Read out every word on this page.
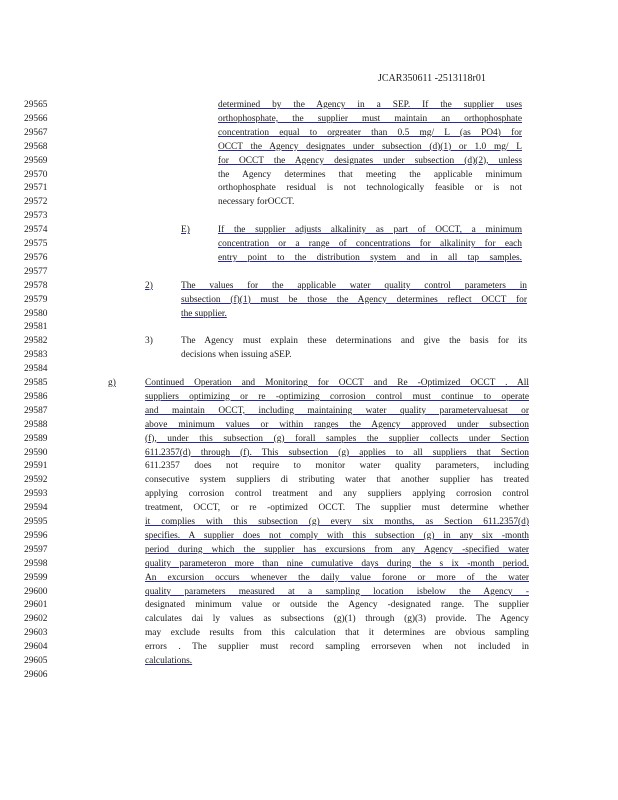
JCAR350611 -2513118r01
29565
29566
29567
29568
29569
29570
29571
29572
29573
29574
29575
29576
29577
29578
29579
29580
29581
29582
29583
29584
29585
29586
29587
29588
29589
29590
29591
29592
29593
29594
29595
29596
29597
29598
29599
29600
29601
29602
29603
29604
29605
29606
E)
2)
3)
g)
determined by the Agency in a SEP. If the supplier uses
orthophosphate, the supplier must maintain an orthophosphate
concentration equal to orgreater than 0.5 mg/ L (as PO4) for
OCCT the Agency designates under subsection (d)(1) or 1.0 mg/ L
for OCCT the Agency designates under subsection (d)(2), unless
the Agency determines that meeting the applicable minimum
orthophosphate residual is not technologically feasible or is not
necessary forOCCT.
If the supplier adjusts alkalinity as part of OCCT, a minimum
concentration or a range of concentrations for alkalinity for each
entry point to the distribution system and in all tap samples.
The values for the applicable water quality control parameters in
subsection (f)(1) must be those the Agency determines reflect OCCT for
the supplier.
The Agency must explain these determinations and give the basis for its
decisions when issuing aSEP.
Continued Operation and Monitoring for OCCT and Re -Optimized OCCT . All
suppliers optimizing or re -optimizing corrosion control must continue to operate
and maintain OCCT, including maintaining water quality parametervaluesat or
above minimum values or within ranges the Agency approved under subsection
(f), under this subsection (g) forall samples the supplier collects under Section
611.2357(d) through (f). This subsection (g) applies to all suppliers that Section
611.2357 does not require to monitor water quality parameters, including
consecutive system suppliers di stributing water that another supplier has treated
applying corrosion control treatment and any suppliers applying corrosion control
treatment, OCCT, or re -optimized OCCT. The supplier must determine whether
it complies with this subsection (g) every six months, as Section 611.2357(d)
specifies. A supplier does not comply with this subsection (g) in any six -month
period during which the supplier has excursions from any Agency -specified water
quality parameteron more than nine cumulative days during the s ix -month period.
An excursion occurs whenever the daily value forone or more of the water
quality parameters measured at a sampling location isbelow the Agency -
designated minimum value or outside the Agency -designated range. The supplier
calculates dai ly values as subsections (g)(1) through (g)(3) provide. The Agency
may exclude results from this calculation that it determines are obvious sampling
errors . The supplier must record sampling errorseven when not included in
calculations.
